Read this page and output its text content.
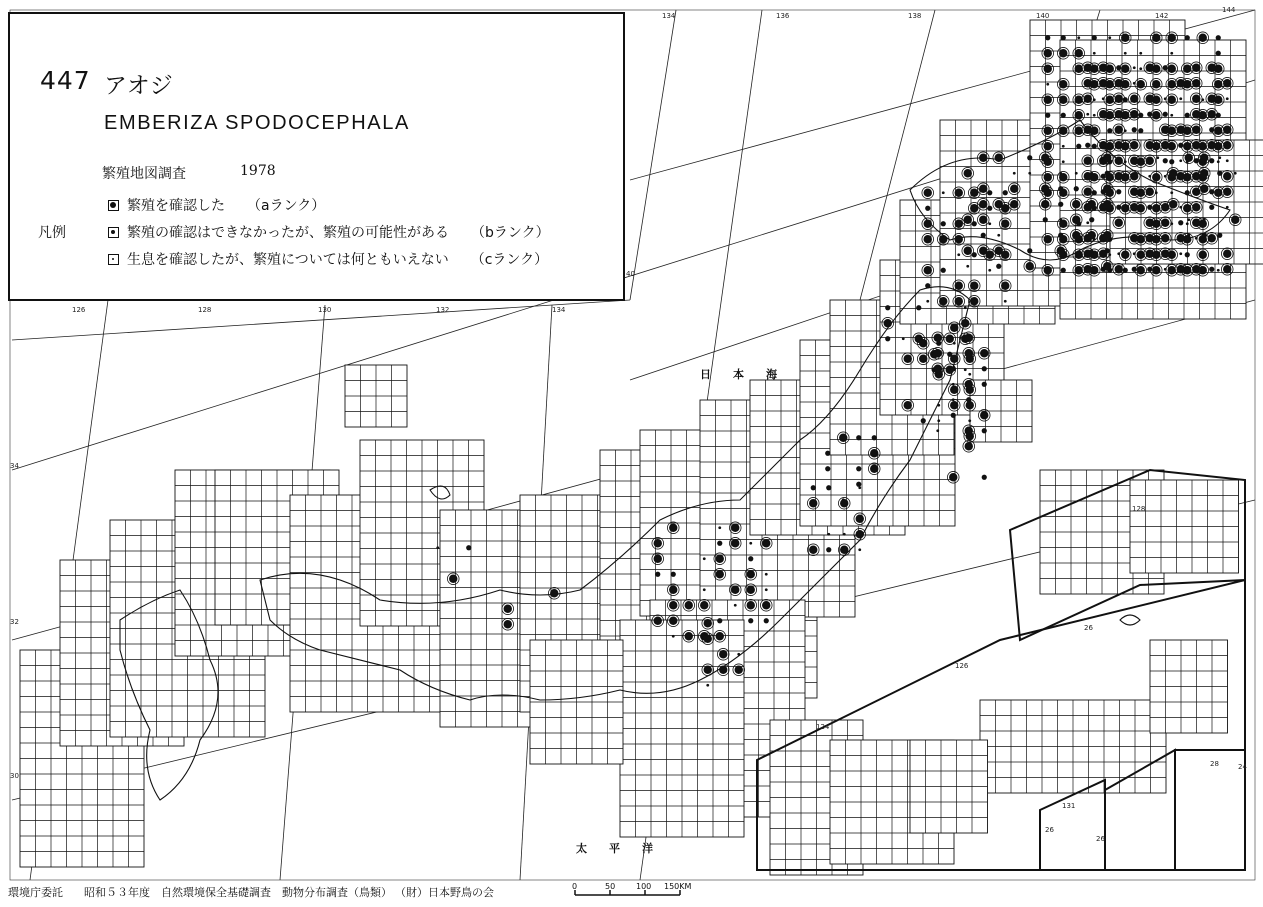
447 アオジ
EMBERIZA SPODOCEPHALA
繁殖地図調査	1978
凡例
繁殖を確認した （aランク）
繁殖の確認はできなかったが、繁殖の可能性がある （bランク）
生息を確認したが、繁殖については何ともいえない （cランク）
日　　本　　海
太　　平　　洋
126	128	130	132	134
134	136	138	140	142
144
34
32
30
40
128
26
126
124
131
26
24
26
28
環境庁委託 昭和５３年度　自然環境保全基礎調査　動物分布調査（鳥類） （財）日本野鳥の会	0	50	100 150KM
